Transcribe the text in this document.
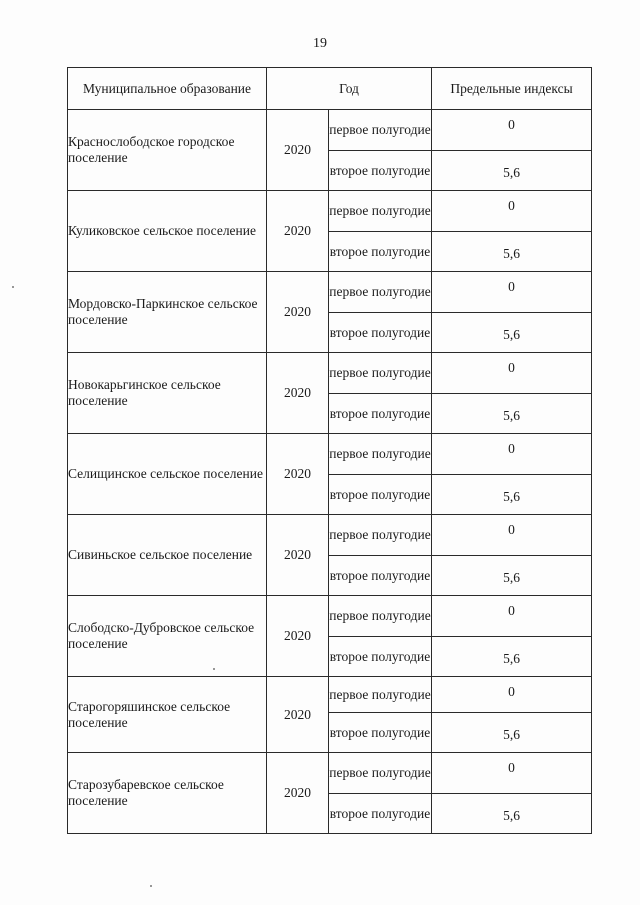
19
Муниципальное образование	Год		Предельные индексы
Краснослободское городское поселение	2020	первое полугодие	0
		второе полугодие	5,6
Куликовское сельское поселение	2020	первое полугодие	0
		второе полугодие	5,6
Мордовско-Паркинское сельское поселение	2020	первое полугодие	0
		второе полугодие	5,6
Новокарьгинское сельское поселение	2020	первое полугодие	0
		второе полугодие	5,6
Селищинское сельское поселение	2020	первое полугодие	0
		второе полугодие	5,6
Сивиньское сельское поселение	2020	первое полугодие	0
		второе полугодие	5,6
Слободско-Дубровское сельское поселение	2020	первое полугодие	0
		второе полугодие	5,6
Старогоряшинское сельское поселение	2020	первое полугодие	0
		второе полугодие	5,6
Старозубаревское сельское поселение	2020	первое полугодие	0
		второе полугодие	5,6
